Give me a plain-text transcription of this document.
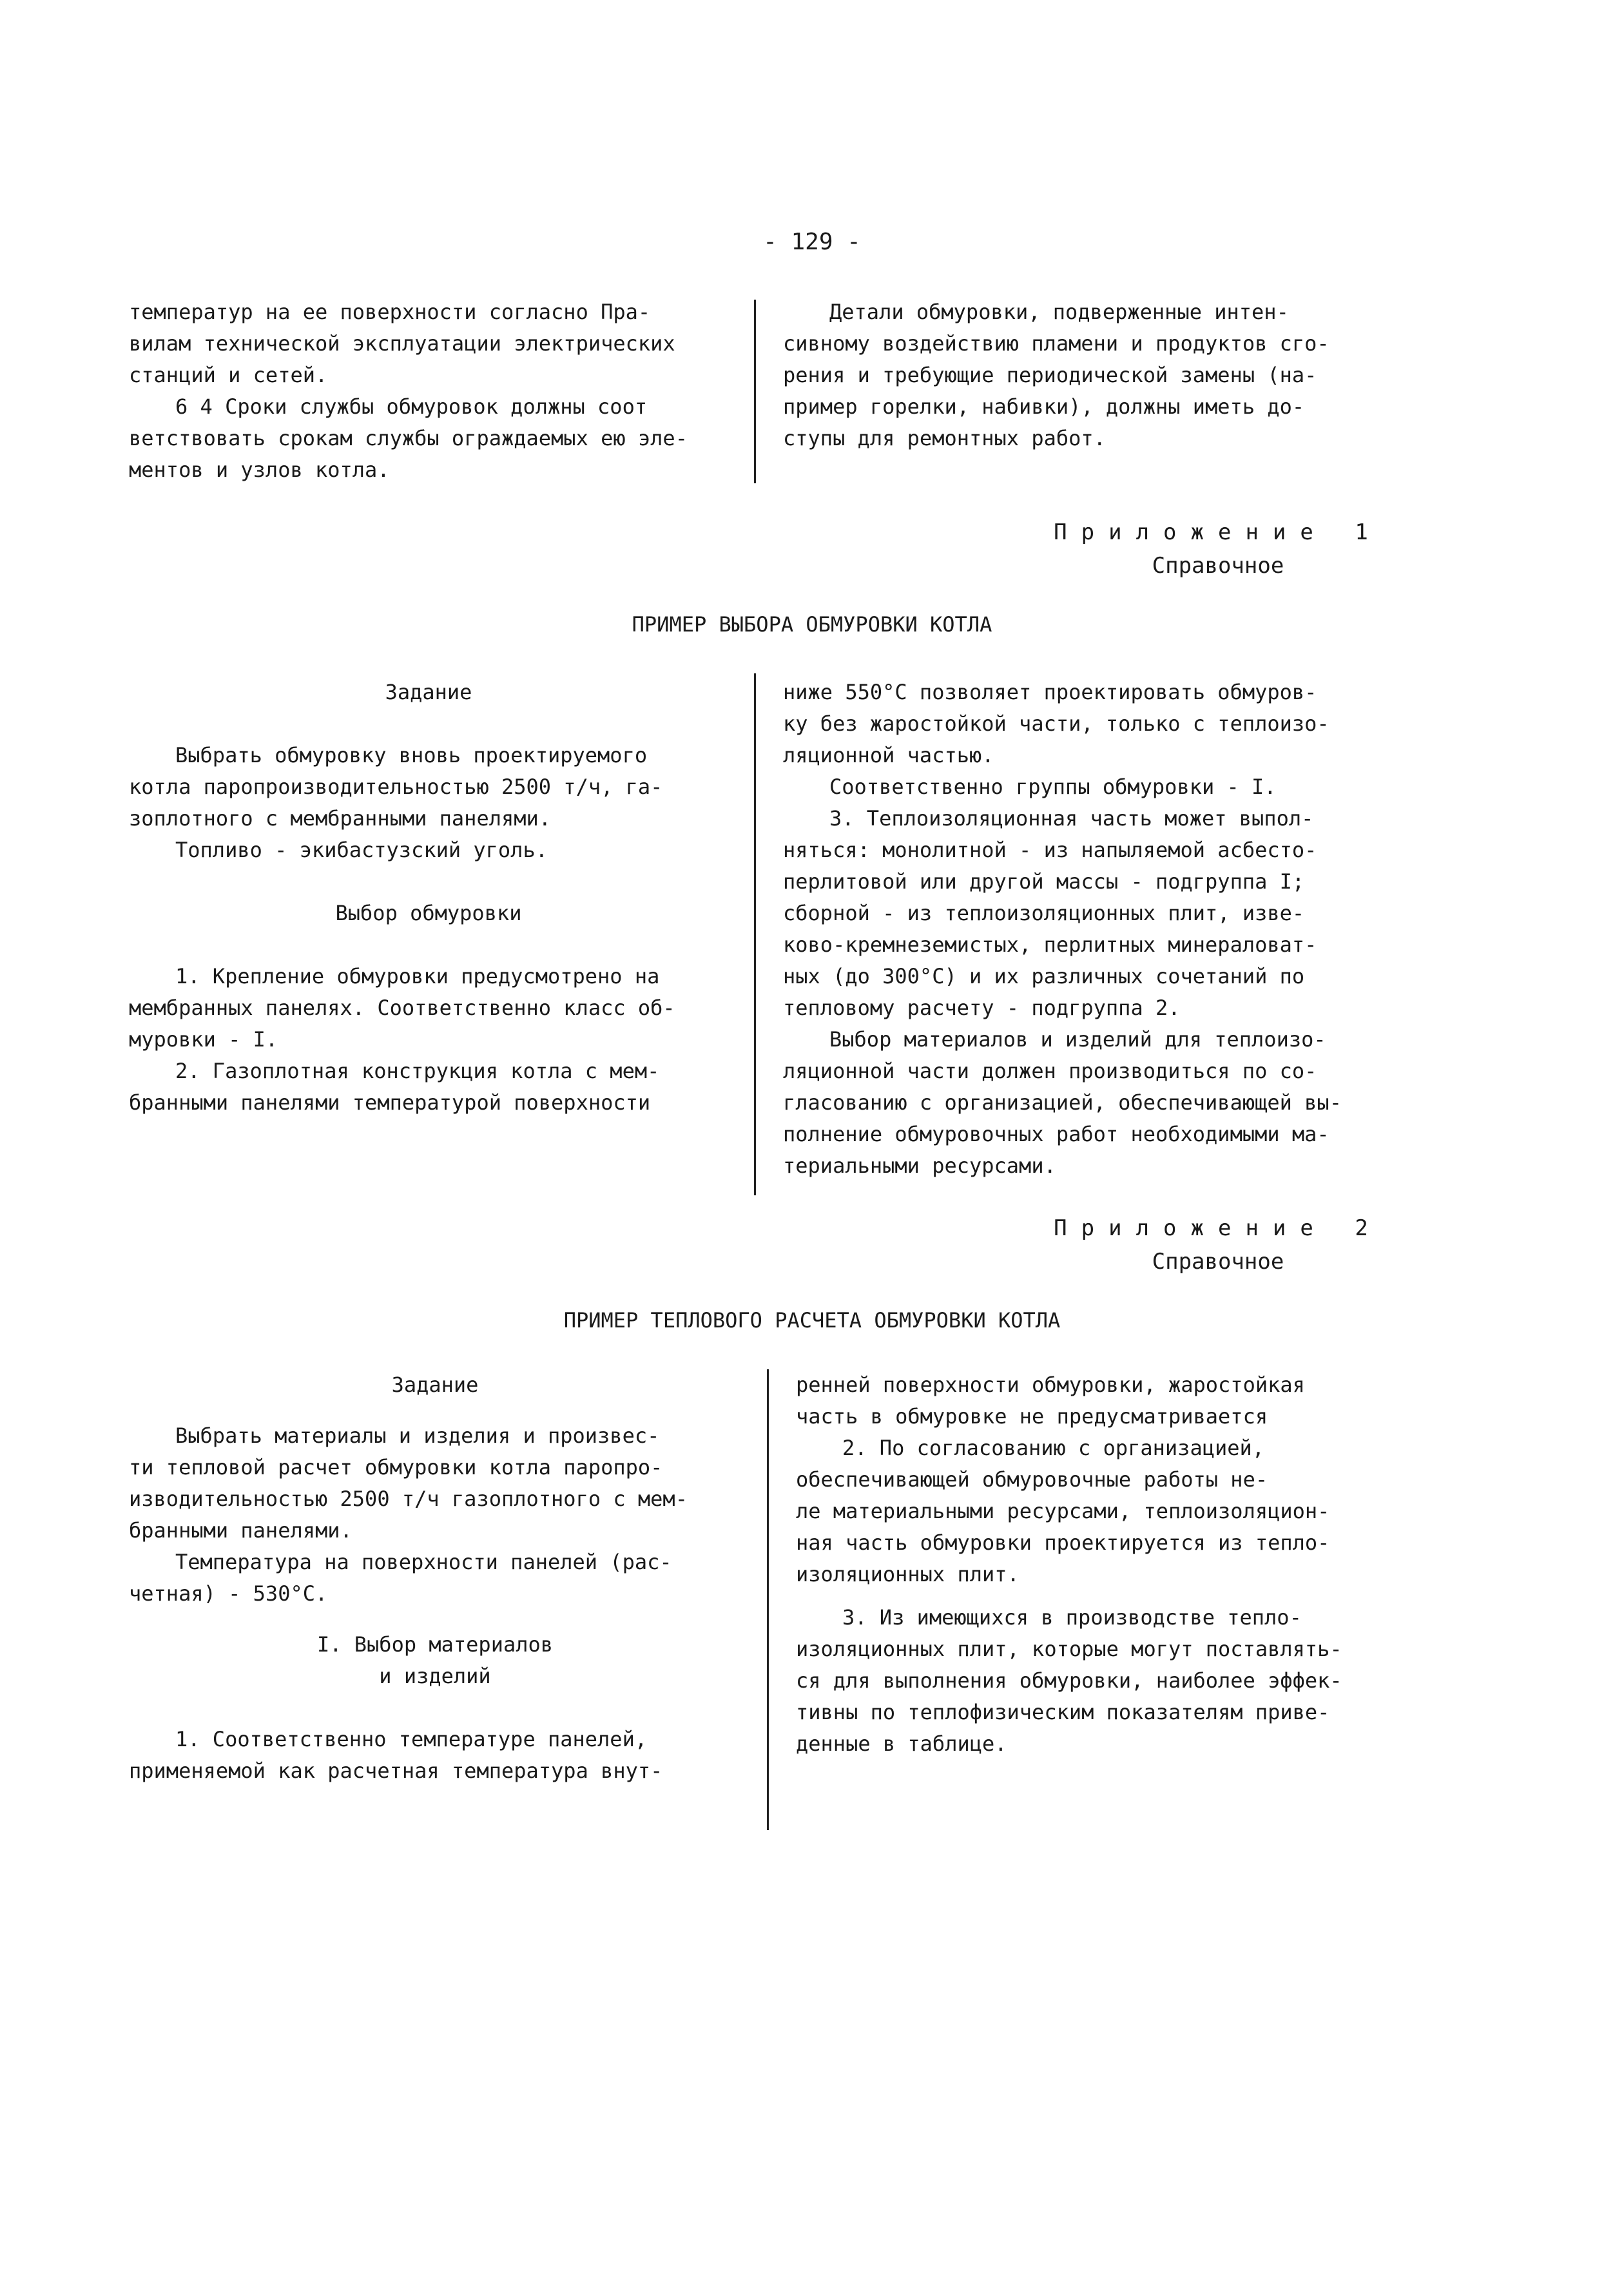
- 129 -

температур на ее поверхности согласно Пра-

вилам технической эксплуатации электрических

станций и сетей.

6 4 Сроки службы обмуровок должны соот

ветствовать срокам службы ограждаемых ею эле-

ментов и узлов котла.

Детали обмуровки, подверженные интен-

сивному воздействию пламени и продуктов сго-

рения и требующие периодической замены (на-

пример горелки, набивки), должны иметь до-

ступы для ремонтных работ.

Приложение 1
Справочное
ПРИМЕР ВЫБОРА ОБМУРОВКИ КОТЛА

Задание

Выбрать обмуровку вновь проектируемого

котла паропроизводительностью 2500 т/ч, га-

зоплотного с мембранными панелями.

Топливо - экибастузский уголь.

Выбор обмуровки

1. Крепление обмуровки предусмотрено на

мембранных панелях. Соответственно класс об-

муровки - I.

2. Газоплотная конструкция котла с мем-

бранными панелями температурой поверхности

ниже 550°С позволяет проектировать обмуров-

ку без жаростойкой части, только с теплоизо-

ляционной частью.

Соответственно группы обмуровки - I.

3. Теплоизоляционная часть может выпол-

няться: монолитной - из напыляемой асбесто-

перлитовой или другой массы - подгруппа I;

сборной - из теплоизоляционных плит, изве-

ково-кремнеземистых, перлитных минераловат-

ных (до 300°С) и их различных сочетаний по

тепловому расчету - подгруппа 2.

Выбор материалов и изделий для теплоизо-

ляционной части должен производиться по со-

гласованию с организацией, обеспечивающей вы-

полнение обмуровочных работ необходимыми ма-

териальными ресурсами.

Приложение 2
Справочное
ПРИМЕР ТЕПЛОВОГО РАСЧЕТА ОБМУРОВКИ КОТЛА

Задание

Выбрать материалы и изделия и произвес-

ти тепловой расчет обмуровки котла паропро-

изводительностью 2500 т/ч газоплотного с мем-

бранными панелями.

Температура на поверхности панелей (рас-

четная) - 530°С.

I. Выбор материалов

и изделий

1. Соответственно температуре панелей,

применяемой как расчетная температура внут-

ренней поверхности обмуровки, жаростойкая

часть в обмуровке не предусматривается

2. По согласованию с организацией,

обеспечивающей обмуровочные работы не-

ле материальными ресурсами, теплоизоляцион-

ная часть обмуровки проектируется из тепло-

изоляционных плит.

3. Из имеющихся в производстве тепло-

изоляционных плит, которые могут поставлять-

ся для выполнения обмуровки, наиболее эффек-

тивны по теплофизическим показателям приве-

денные в таблице.
